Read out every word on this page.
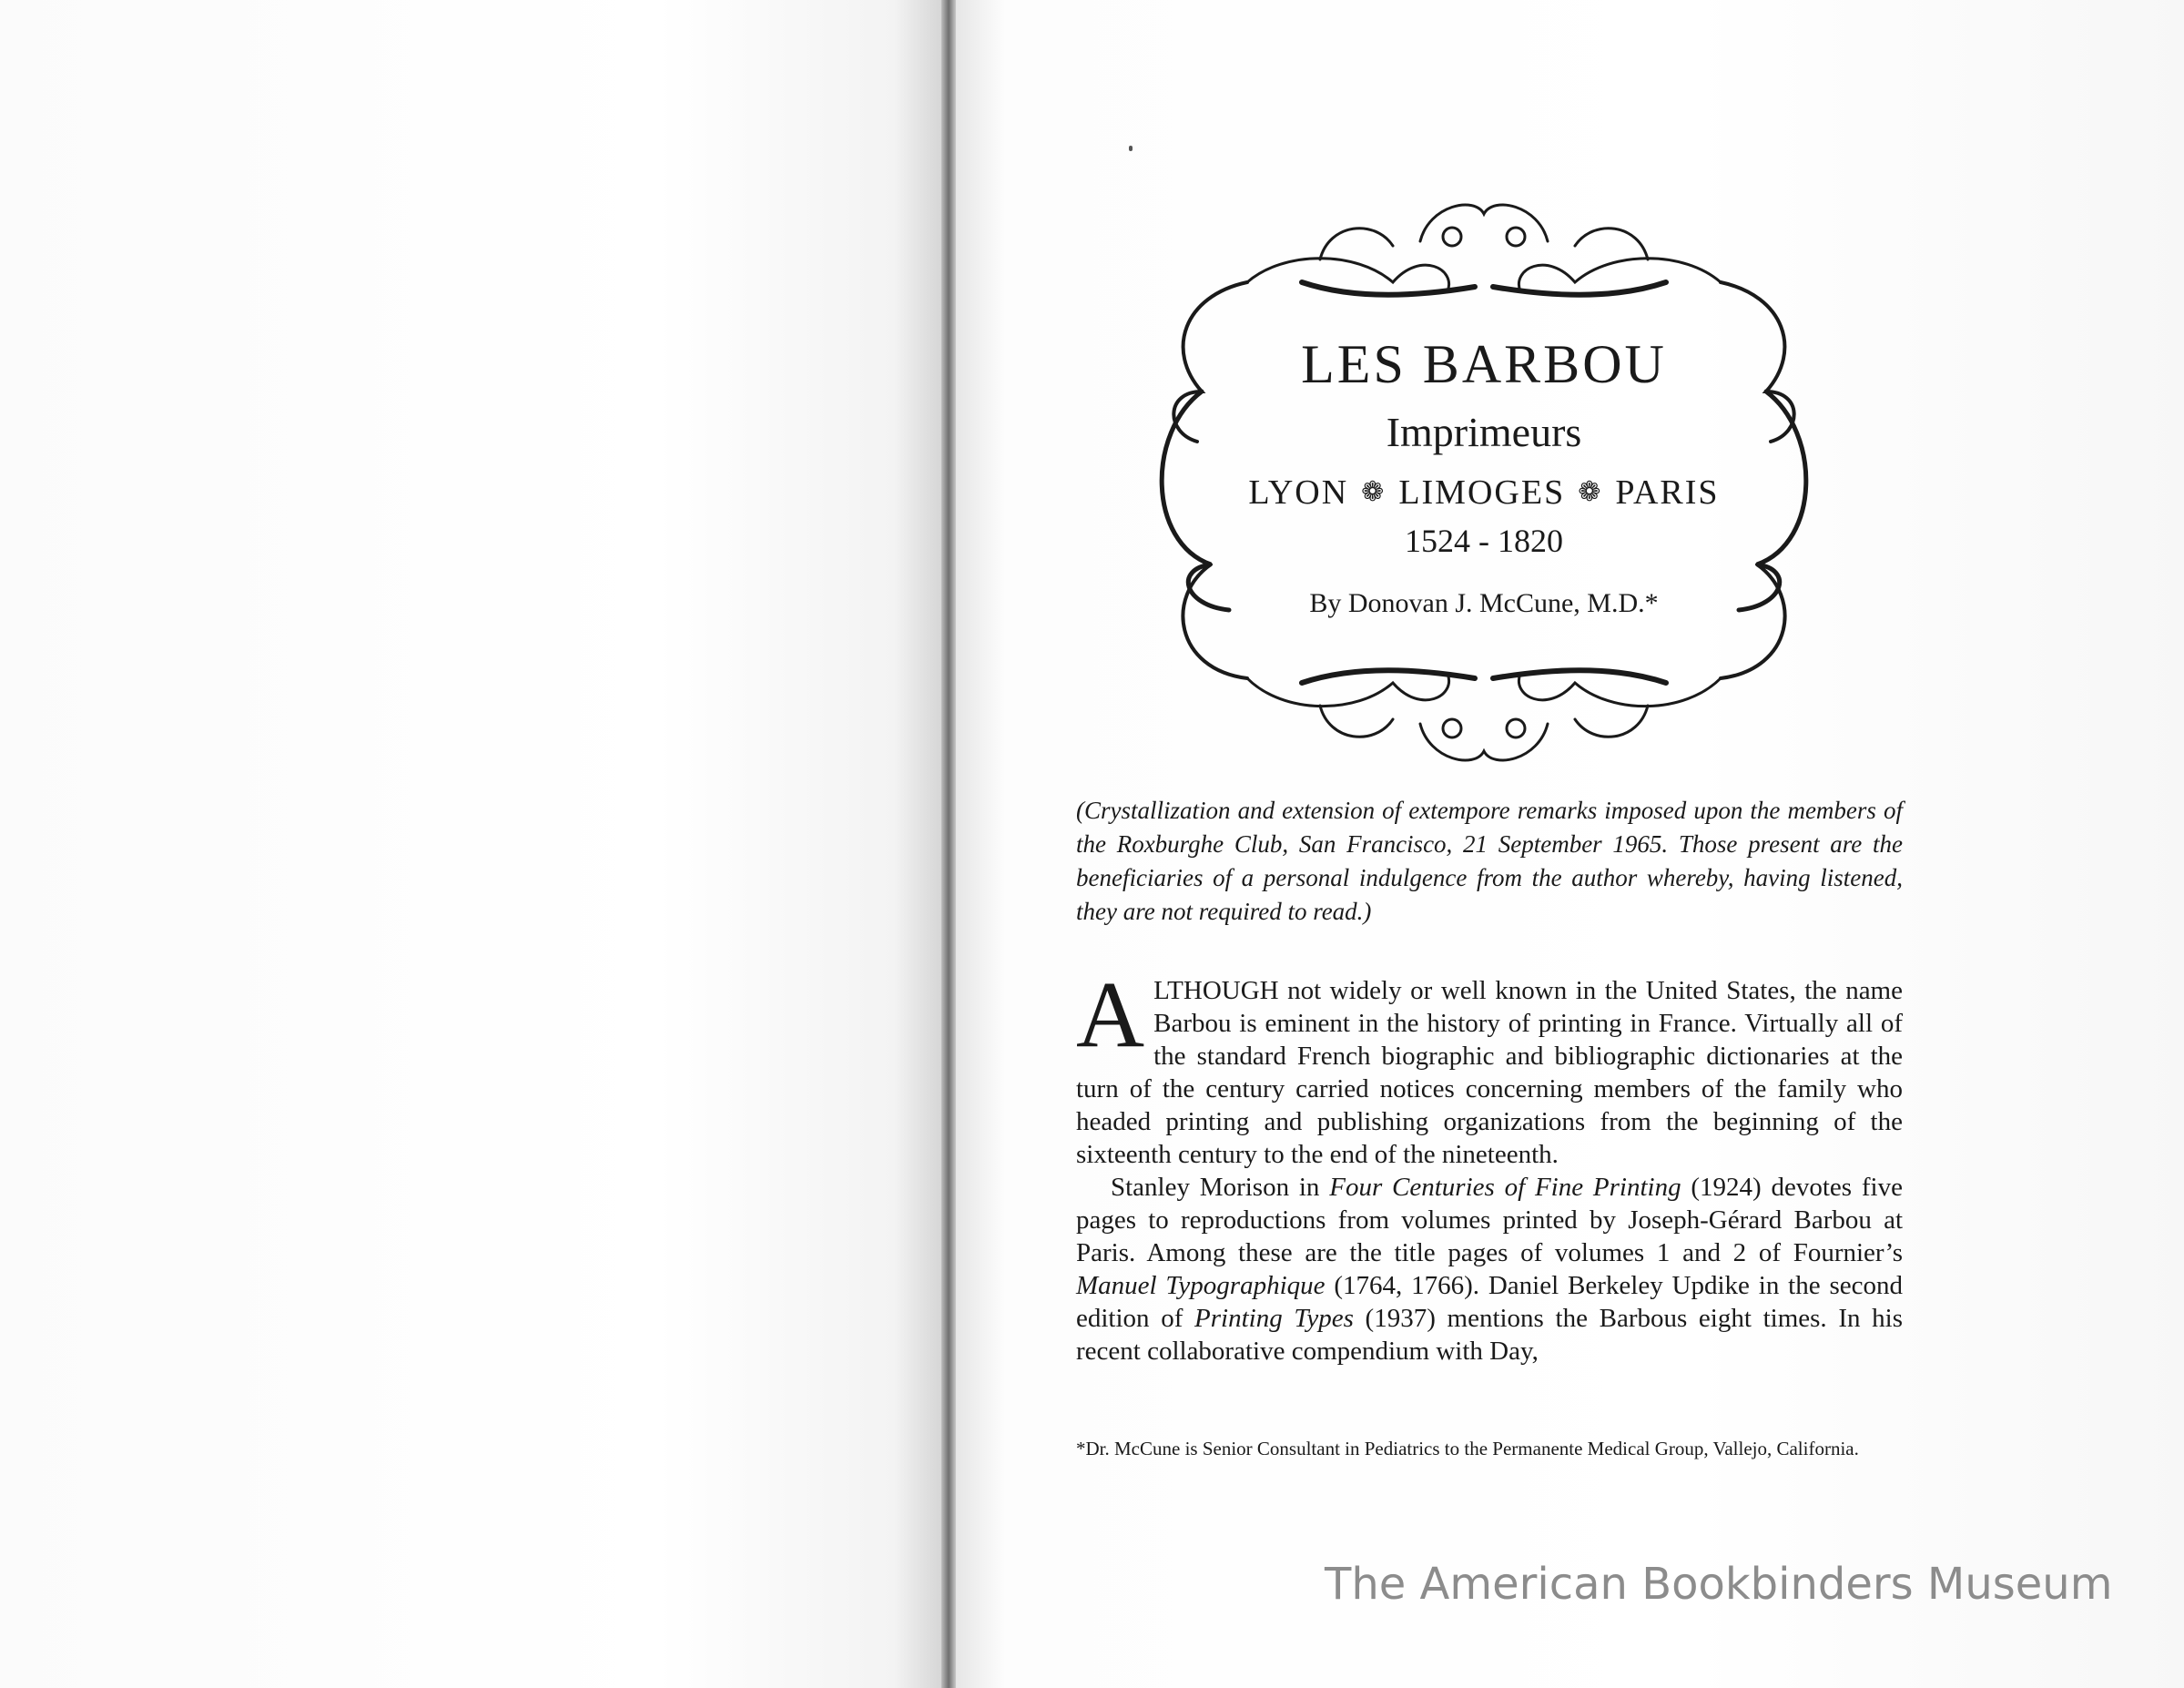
LES BARBOU
Imprimeurs
LYON ❁ LIMOGES ❁ PARIS
1524 - 1820
By Donovan J. McCune, M.D.*
(Crystallization and extension of extempore remarks imposed upon the members of the Roxburghe Club, San Francisco, 21 September 1965. Those present are the beneficiaries of a personal indulgence from the author whereby, having listened, they are not required to read.)

ALTHOUGH not widely or well known in the United States, the name Barbou is eminent in the history of printing in France. Virtually all of the standard French biographic and bibliographic dictionaries at the turn of the century carried notices concerning members of the family who headed printing and publishing organizations from the beginning of the sixteenth century to the end of the nineteenth.

Stanley Morison in Four Centuries of Fine Printing (1924) devotes five pages to reproductions from volumes printed by Joseph-Gérard Barbou at Paris. Among these are the title pages of volumes 1 and 2 of Fournier’s Manuel Typographique (1764, 1766). Daniel Berkeley Updike in the second edition of Printing Types (1937) mentions the Barbous eight times. In his recent collaborative compendium with Day,

*Dr. McCune is Senior Consultant in Pediatrics to the Permanente Medical Group, Vallejo, California.
The American Bookbinders Museum
